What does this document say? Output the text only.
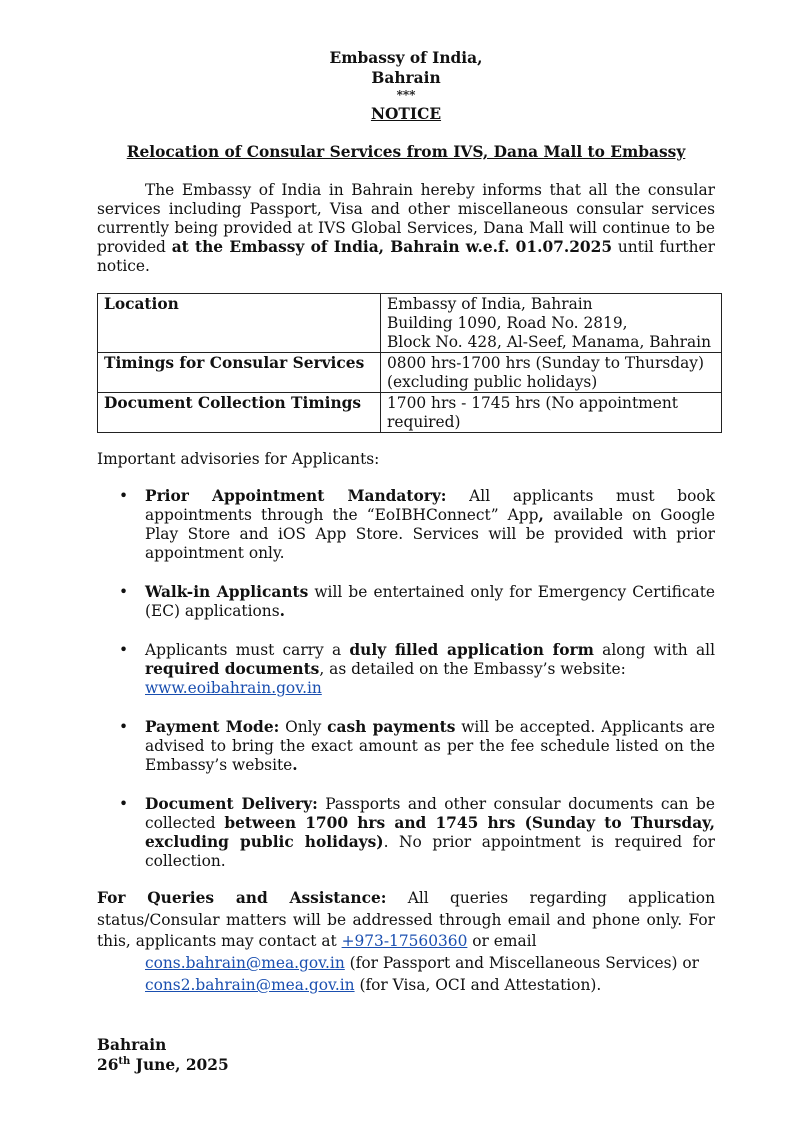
Embassy of India,
Bahrain
***
NOTICE
Relocation of Consular Services from IVS, Dana Mall to Embassy
The Embassy of India in Bahrain hereby informs that all the consular services including Passport, Visa and other miscellaneous consular services currently being provided at IVS Global Services, Dana Mall will continue to be provided at the Embassy of India, Bahrain w.e.f. 01.07.2025 until further notice.
Location	Embassy of India, Bahrain
Building 1090, Road No. 2819,
Block No. 428, Al-Seef, Manama, Bahrain

Timings for Consular Services	0800 hrs-1700 hrs (Sunday to Thursday)
(excluding public holidays)

Document Collection Timings	1700 hrs - 1745 hrs (No appointment
required)
Important advisories for Applicants:
• Prior Appointment Mandatory: All applicants must book appointments through the “EoIBHConnect” App, available on Google Play Store and iOS App Store. Services will be provided with prior appointment only.
• Walk-in Applicants will be entertained only for Emergency Certificate (EC) applications.
• Applicants must carry a duly filled application form along with all required documents, as detailed on the Embassy’s website:
www.eoibahrain.gov.in
• Payment Mode: Only cash payments will be accepted. Applicants are advised to bring the exact amount as per the fee schedule listed on the Embassy’s website.
• Document Delivery: Passports and other consular documents can be collected between 1700 hrs and 1745 hrs (Sunday to Thursday, excluding public holidays). No prior appointment is required for collection.
For Queries and Assistance: All queries regarding application status/Consular matters will be addressed through email and phone only. For this, applicants may contact at +973-17560360 or email
cons.bahrain@mea.gov.in (for Passport and Miscellaneous Services) or
cons2.bahrain@mea.gov.in (for Visa, OCI and Attestation).
Bahrain
26th June, 2025
